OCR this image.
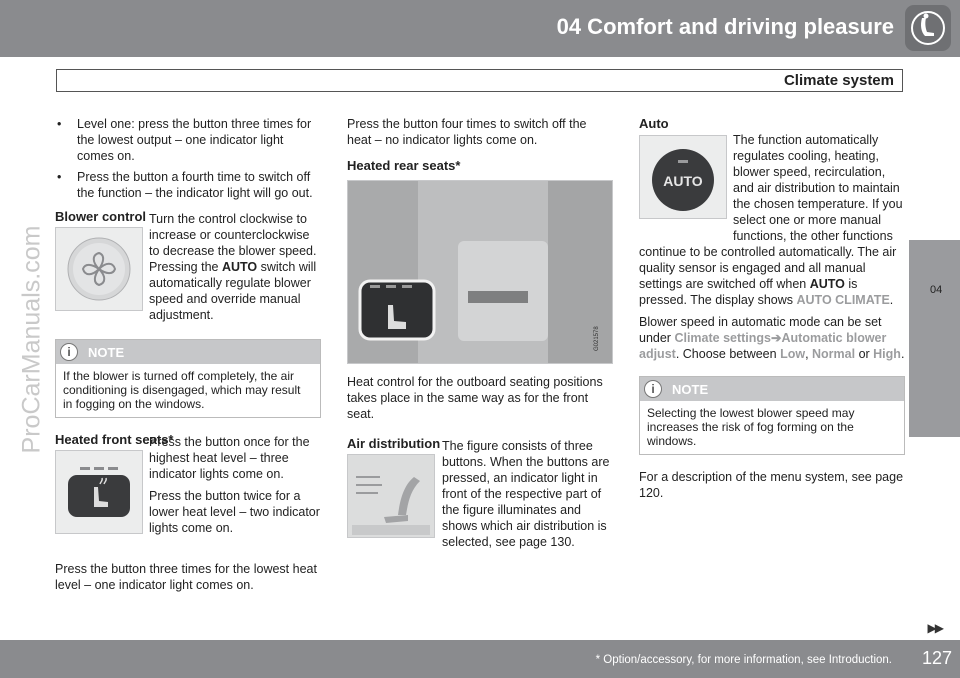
04 Comfort and driving pleasure
Climate system
04
ProCarManuals.com
• Level one: press the button three times for the lowest output – one indicator light comes on.
• Press the button a fourth time to switch off the function – the indicator light will go out.
Blower control Turn the control clockwise to increase or counterclockwise to decrease the blower speed. Pressing the AUTO switch will automatically regulate blower speed and override manual adjustment.
i	NOTE
If the blower is turned off completely, the air conditioning is disengaged, which may result in fogging on the windows.
Heated front seats*

Press the button once for the highest heat level – three indicator lights come on.

Press the button twice for a lower heat level – two indicator lights come on.

Press the button three times for the lowest heat level – one indicator light comes on.

Press the button four times to switch off the heat – no indicator lights come on.

Heated rear seats*
G021578

Heat control for the outboard seating positions takes place in the same way as for the front seat.

Air distribution The figure consists of three buttons. When the buttons are pressed, an indicator light in front of the respective part of the figure illuminates and shows which air distribution is selected, see page 130.
Auto
AUTO

The function automatically regulates cooling, heating, blower speed, recirculation, and air distribution to maintain the chosen temperature. If you select one or more manual functions, the other functions continue to be controlled automatically. The air quality sensor is engaged and all manual settings are switched off when AUTO is pressed. The display shows AUTO CLIMATE.

Blower speed in automatic mode can be set under Climate settings➔Automatic blower adjust. Choose between Low, Normal or High.

i	NOTE
Selecting the lowest blower speed may increases the risk of fog forming on the windows.

For a description of the menu system, see page 120.

▶▶
* Option/accessory, for more information, see Introduction. 127
